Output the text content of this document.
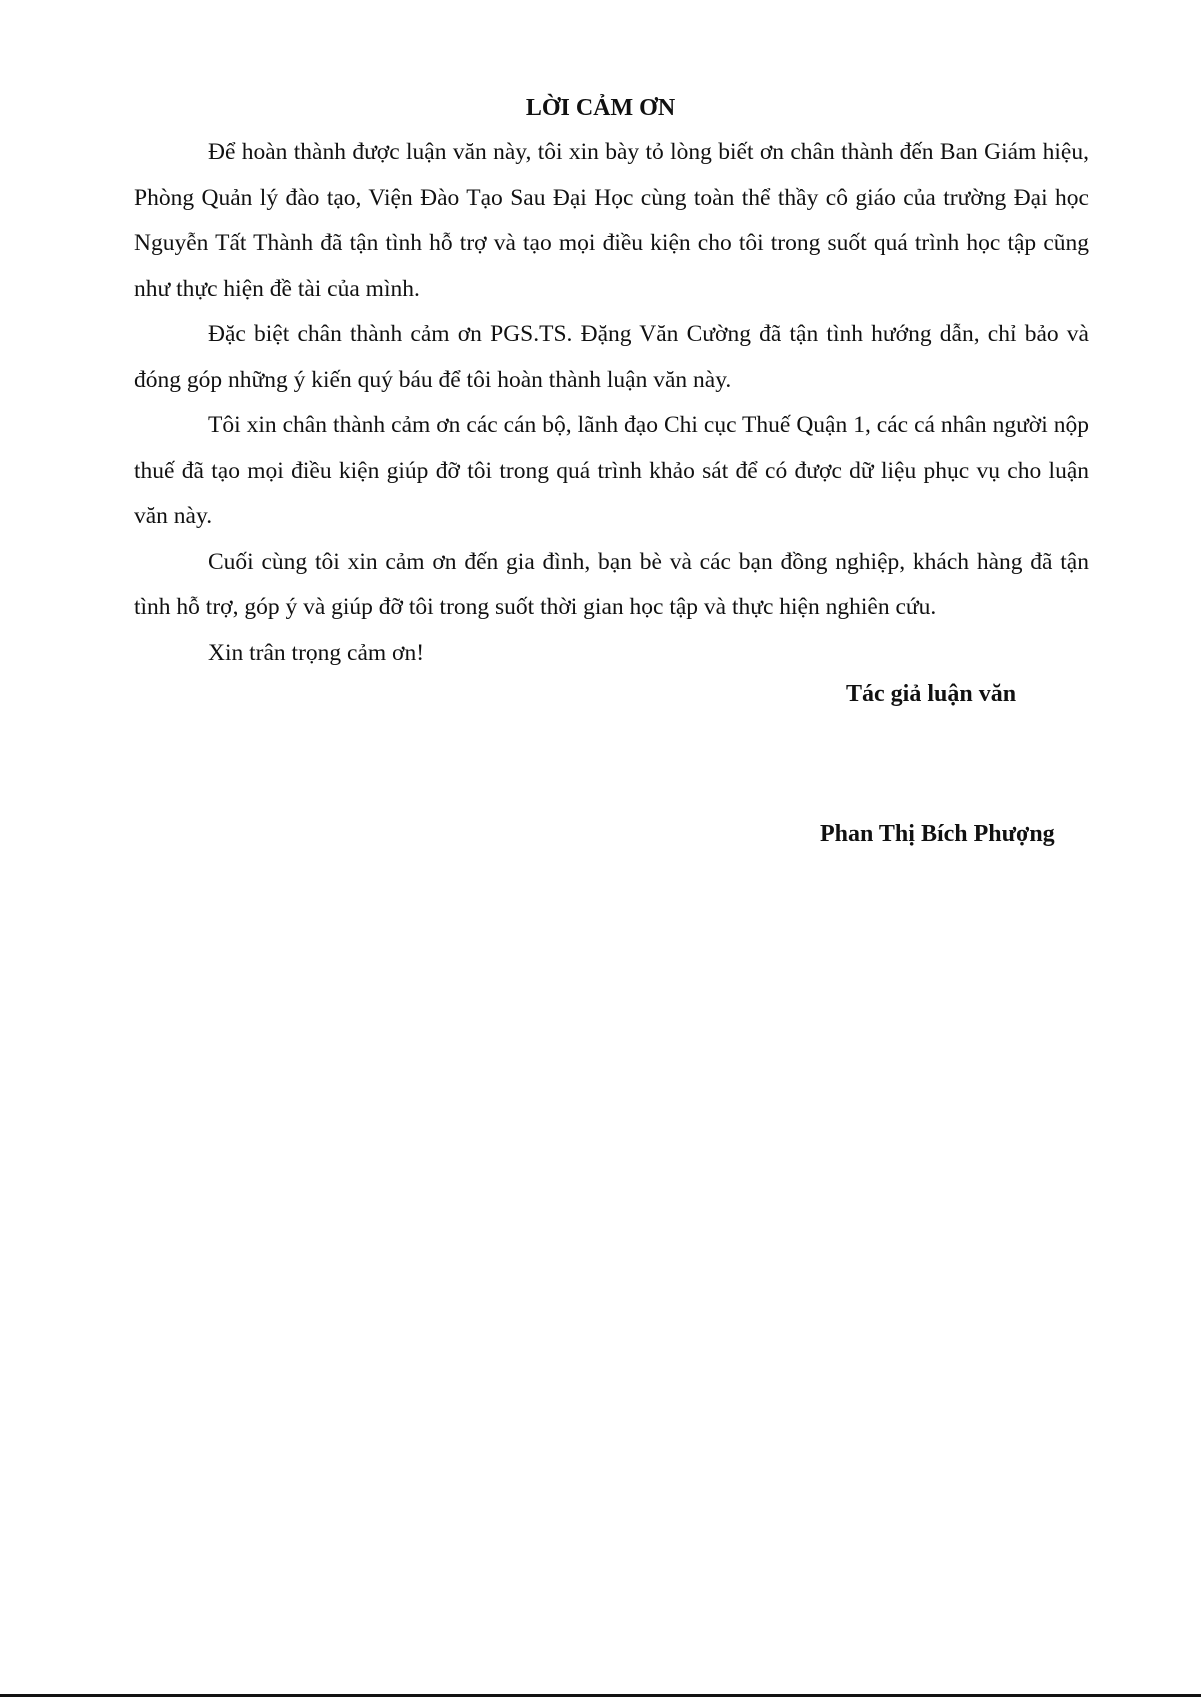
LỜI CẢM ƠN

Để hoàn thành được luận văn này, tôi xin bày tỏ lòng biết ơn chân thành đến Ban Giám hiệu, Phòng Quản lý đào tạo, Viện Đào Tạo Sau Đại Học cùng toàn thể thầy cô giáo của trường Đại học Nguyễn Tất Thành đã tận tình hỗ trợ và tạo mọi điều kiện cho tôi trong suốt quá trình học tập cũng như thực hiện đề tài của mình.

Đặc biệt chân thành cảm ơn PGS.TS. Đặng Văn Cường đã tận tình hướng dẫn, chỉ bảo và đóng góp những ý kiến quý báu để tôi hoàn thành luận văn này.

Tôi xin chân thành cảm ơn các cán bộ, lãnh đạo Chi cục Thuế Quận 1, các cá nhân người nộp thuế đã tạo mọi điều kiện giúp đỡ tôi trong quá trình khảo sát để có được dữ liệu phục vụ cho luận văn này.

Cuối cùng tôi xin cảm ơn đến gia đình, bạn bè và các bạn đồng nghiệp, khách hàng đã tận tình hỗ trợ, góp ý và giúp đỡ tôi trong suốt thời gian học tập và thực hiện nghiên cứu.

Xin trân trọng cảm ơn!

Tác giả luận văn

Phan Thị Bích Phượng
